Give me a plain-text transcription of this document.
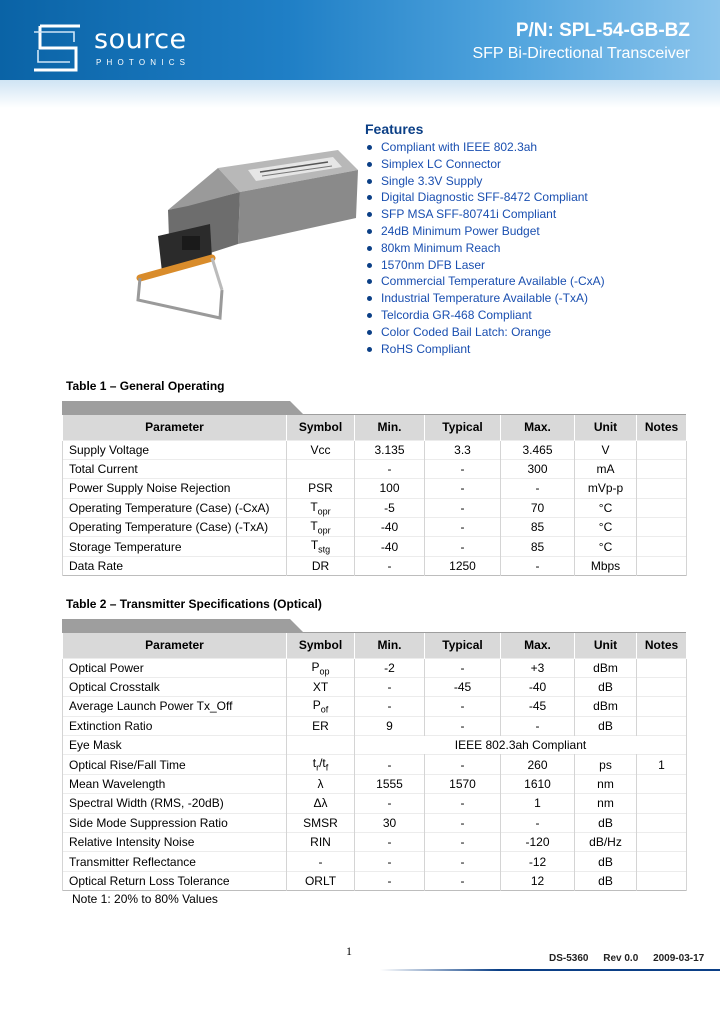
source
PHOTONICS
P/N: SPL-54-GB-BZ
SFP Bi-Directional Transceiver
Features
Compliant with IEEE 802.3ah
Simplex LC Connector
Single 3.3V Supply
Digital Diagnostic SFF-8472 Compliant
SFP MSA SFF-80741i Compliant
24dB Minimum Power Budget
80km Minimum Reach
1570nm DFB Laser
Commercial Temperature Available (-CxA)
Industrial Temperature Available (-TxA)
Telcordia GR-468 Compliant
Color Coded Bail Latch: Orange
RoHS Compliant
Table 1 – General Operating
Parameter	Symbol	Min.	Typical	Max.	Unit	Notes
Supply Voltage	Vcc	3.135	3.3	3.465	V	
Total Current		-	-	300	mA	
Power Supply Noise Rejection	PSR	100	-	-	mVp-p	
Operating Temperature (Case) (-CxA)	$T_{opr}$	-5	-	70	°C	
Operating Temperature (Case) (-TxA)	$T_{opr}$	-40	-	85	°C	
Storage Temperature	$T_{stg}$	-40	-	85	°C	
Data Rate	DR	-	1250	-	Mbps	
Table 2 – Transmitter Specifications (Optical)
Parameter	Symbol	Min.	Typical	Max.	Unit	Notes
Optical Power	$P_{op}$	-2	-	+3	dBm	
Optical Crosstalk	XT	-	-45	-40	dB	
Average Launch Power Tx_Off	$P_{of}$	-	-	-45	dBm	
Extinction Ratio	ER	9	-	-	dB	
Eye Mask		IEEE 802.3ah Compliant				
Optical Rise/Fall Time	$t_r/t_f$	-	-	260	ps	1
Mean Wavelength	λ	1555	1570	1610	nm	
Spectral Width (RMS, -20dB)	Δλ	-	-	1	nm	
Side Mode Suppression Ratio	SMSR	30	-	-	dB	
Relative Intensity Noise	RIN	-	-	-120	dB/Hz	
Transmitter Reflectance	-	-	-	-12	dB	
Optical Return Loss Tolerance	ORLT	-	-	12	dB	
Note 1: 20% to 80% Values
1
DS-5360 Rev 0.0 2009-03-17
